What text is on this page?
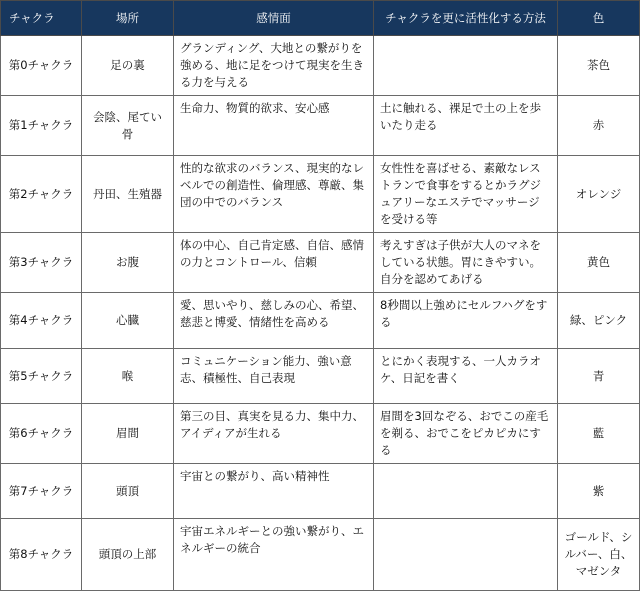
チャクラ	場所	感情面	チャクラを更に活性化する方法	色
第0チャクラ	足の裏	グランディング、大地との繋がりを強める、地に足をつけて現実を生きる力を与える		茶色
第1チャクラ	会陰、尾てい骨	生命力、物質的欲求、安心感	土に触れる、裸足で土の上を歩いたり走る	赤
第2チャクラ	丹田、生殖器	性的な欲求のバランス、現実的なレベルでの創造性、倫理感、尊厳、集団の中でのバランス	女性性を喜ばせる、素敵なレストランで食事をするとかラグジュアリーなエステでマッサージを受ける等	オレンジ
第3チャクラ	お腹	体の中心、自己肯定感、自信、感情の力とコントロール、信頼	考えすぎは子供が大人のマネをしている状態。胃にきやすい。自分を認めてあげる	黄色
第4チャクラ	心臓	愛、思いやり、慈しみの心、希望、慈悲と博愛、情緒性を高める	8秒間以上強めにセルフハグをする	緑、ピンク
第5チャクラ	喉	コミュニケーション能力、強い意志、積極性、自己表現	とにかく表現する、一人カラオケ、日記を書く	青
第6チャクラ	眉間	第三の目、真実を見る力、集中力、アイディアが生れる	眉間を3回なぞる、おでこの産毛を剃る、おでこをピカピカにする	藍
第7チャクラ	頭頂	宇宙との繋がり、高い精神性		紫
第8チャクラ	頭頂の上部	宇宙エネルギーとの強い繋がり、エネルギーの統合		ゴールド、シルバー、白、マゼンタ
